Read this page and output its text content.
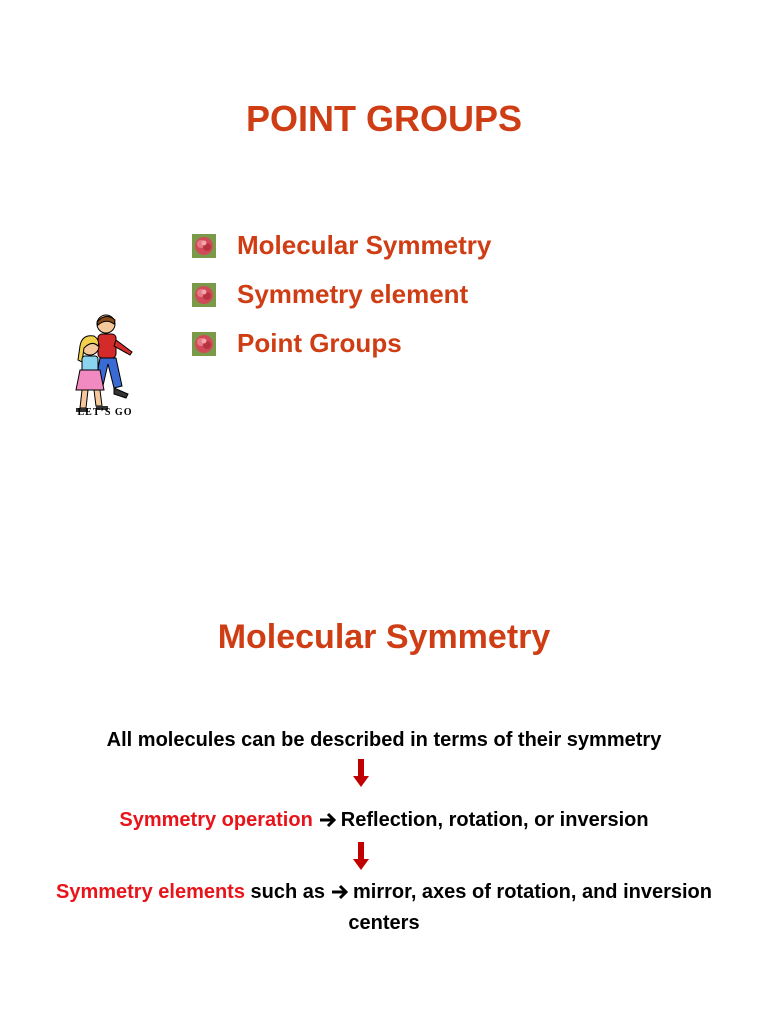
POINT GROUPS
Molecular Symmetry
Symmetry element
Point Groups
LET’S GO
Molecular Symmetry
All molecules can be described in terms of their symmetry
Symmetry operation Reflection, rotation, or inversion
Symmetry elements such as mirror, axes of rotation, and inversion
centers
